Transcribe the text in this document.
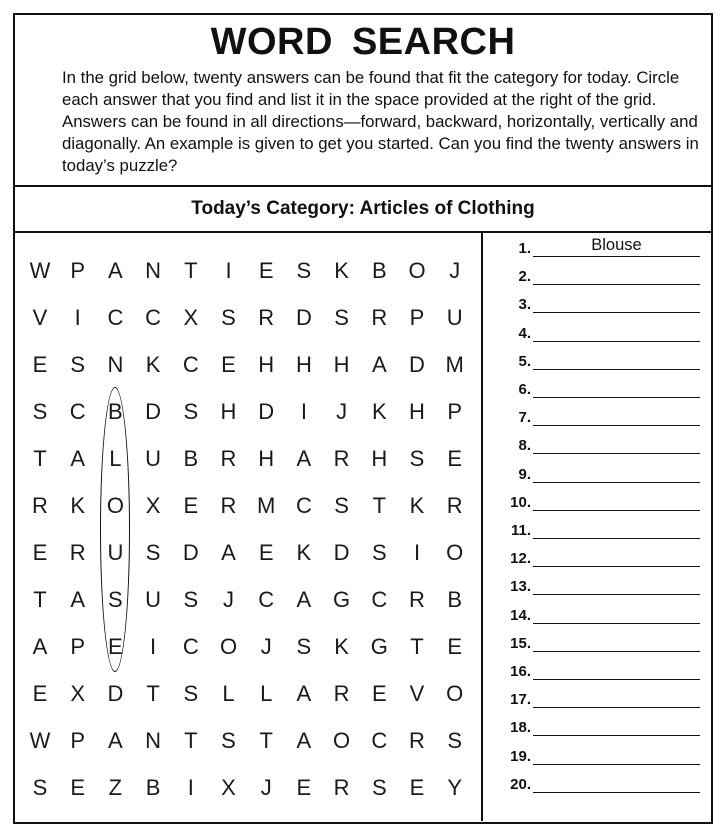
WORD SEARCH
In the grid below, twenty answers can be found that fit the category for today. Circle each answer that you find and list it in the space provided at the right of the grid. Answers can be found in all directions—forward, backward, horizontally, vertically and diagonally. An example is given to get you started. Can you find the twenty answers in today’s puzzle?
Today’s Category: Articles of Clothing
W P	A	N	T	I	E	S	K	B O	J
V	I	C C	X	S	R D	S	R	P	U
E	S	N	K	C	E	H H H	A	D M
S	C	B	D	S	H D	I	J	K	H	P
T	A	L	U	B	R H	A	R H	S	E
R	K O X	E	R M C	S	T	K	R
E	R U	S	D	A	E	K	D	S	I	O
T	A	S	U	S	J	C	A G C R	B
A	P	E	I	C O	J	S	K G	T	E
E	X	D	T	S	L	L	A	R	E	V O
W P	A	N	T	S	T	A O C R	S
S	E	Z	B	I	X	J	E	R	S	E	Y
1.	Blouse
2.
3.
4.
5.
6.
7.
8.
9.
10.
11.
12.
13.
14.
15.
16.
17.
18.
19.
20.
